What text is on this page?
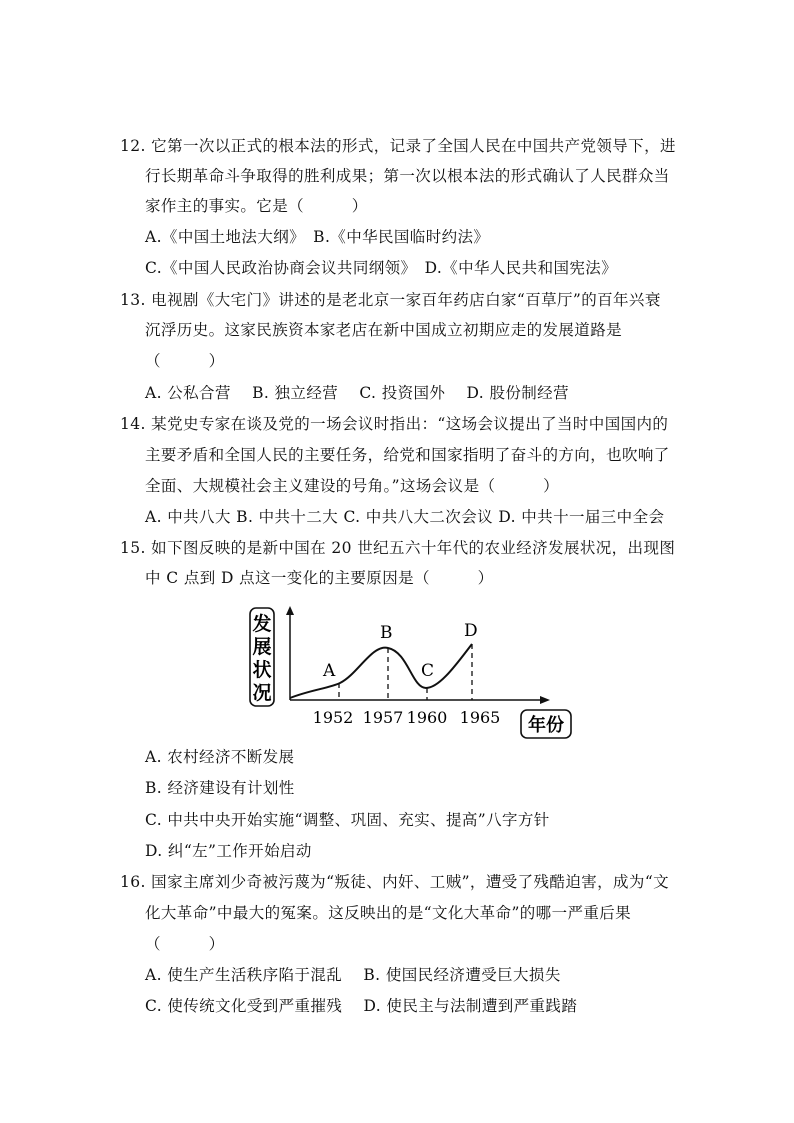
12. 它第一次以正式的根本法的形式，记录了全国人民在中国共产党领导下，进
行长期革命斗争取得的胜利成果；第一次以根本法的形式确认了人民群众当
家作主的事实。它是（　　　）
A.《中国土地法大纲》　B.《中华民国临时约法》
C.《中国人民政治协商会议共同纲领》　D.《中华人民共和国宪法》
13. 电视剧《大宅门》讲述的是老北京一家百年药店白家“百草厅”的百年兴衰
沉浮历史。这家民族资本家老店在新中国成立初期应走的发展道路是
（　　　）
A. 公私合营　 B. 独立经营　 C. 投资国外　 D. 股份制经营
14. 某党史专家在谈及党的一场会议时指出：“这场会议提出了当时中国国内的
主要矛盾和全国人民的主要任务，给党和国家指明了奋斗的方向，也吹响了
全面、大规模社会主义建设的号角。”这场会议是（　　　）
A. 中共八大 B. 中共十二大 C. 中共八大二次会议 D. 中共十一届三中全会
15. 如下图反映的是新中国在 20 世纪五六十年代的农业经济发展状况，出现图
中 C 点到 D 点这一变化的主要原因是（　　　）
发
展
状
况
A
B
C
D
1952 1957 1960 1965 年份
A. 农村经济不断发展
B. 经济建设有计划性
C. 中共中央开始实施“调整、巩固、充实、提高”八字方针
D. 纠“左”工作开始启动
16. 国家主席刘少奇被污蔑为“叛徒、内奸、工贼”，遭受了残酷迫害，成为“文
化大革命”中最大的冤案。这反映出的是“文化大革命”的哪一严重后果
（　　　）
A. 使生产生活秩序陷于混乱　 B. 使国民经济遭受巨大损失
C. 使传统文化受到严重摧残　 D. 使民主与法制遭到严重践踏
